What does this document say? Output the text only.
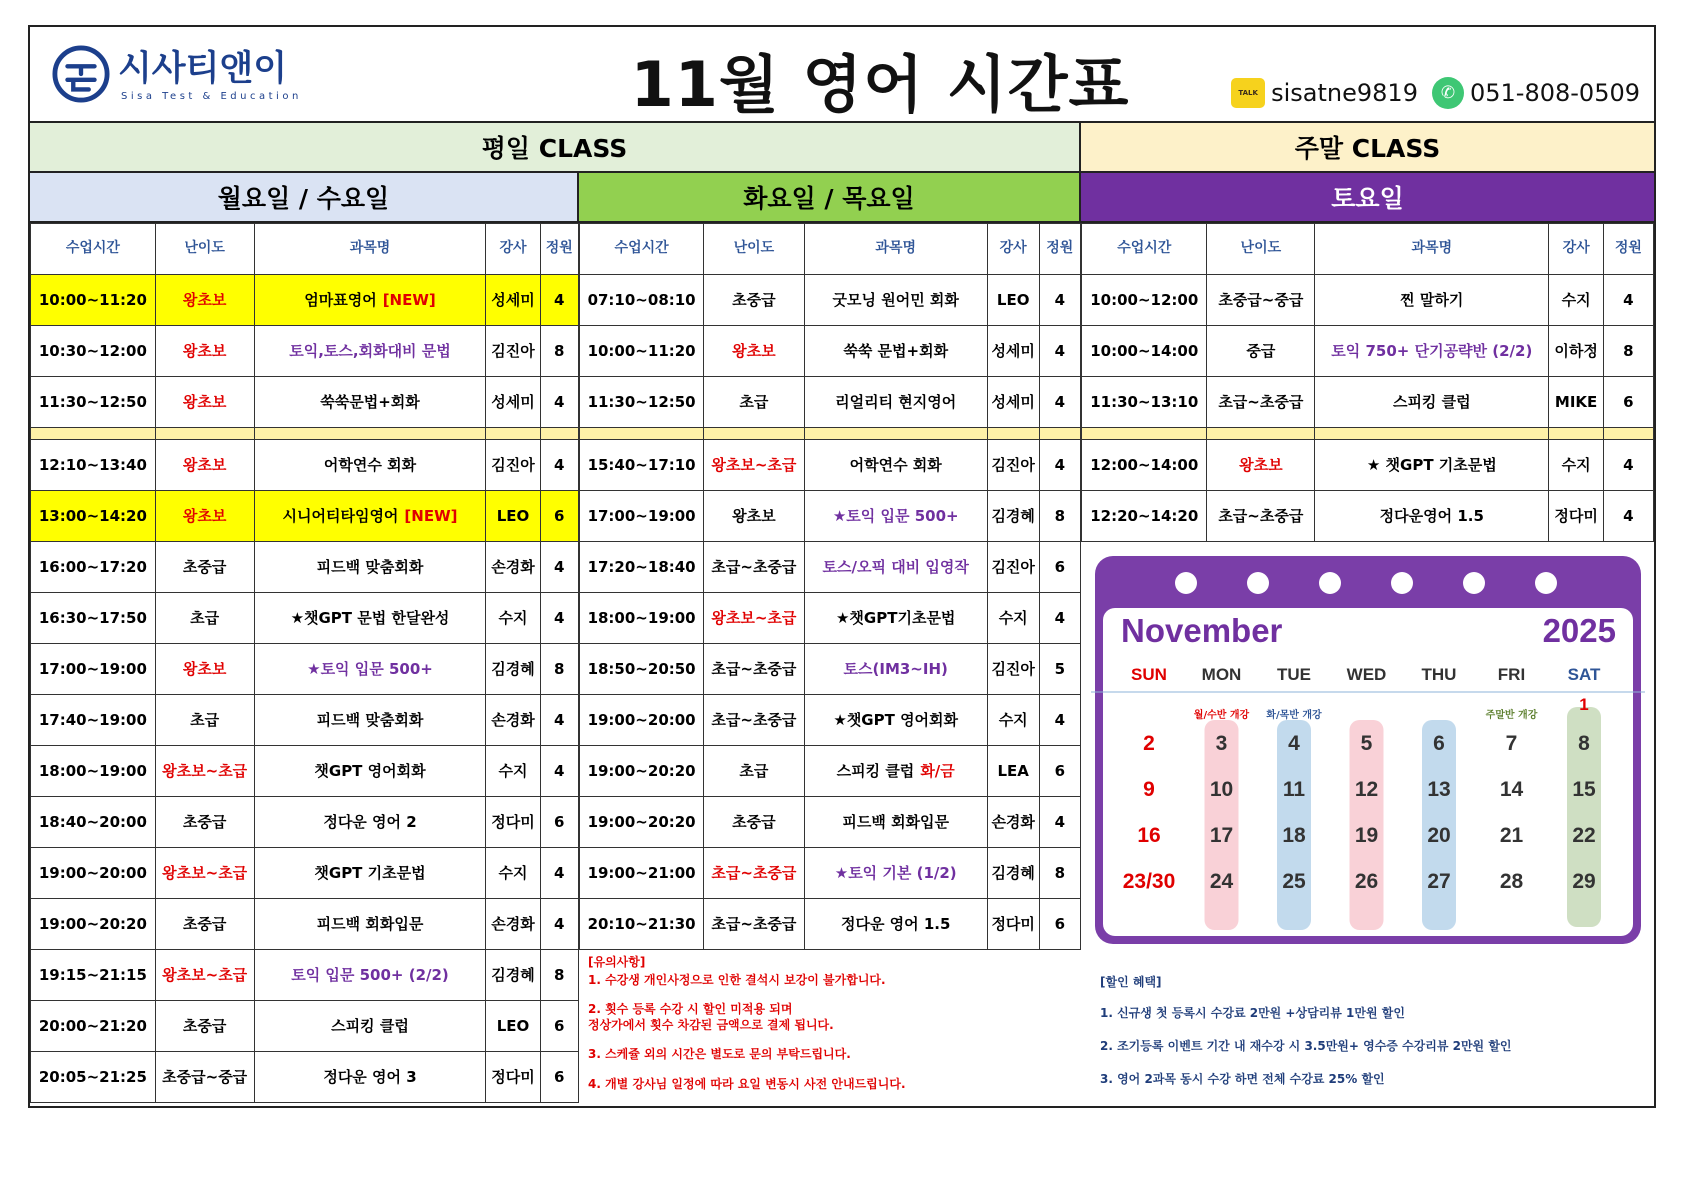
시사티앤이
Sisa Test & Education	11월 영어 시간표	TALK sisatne9819	✆ 051-808-0509
평일 CLASS	주말 CLASS
월요일 / 수요일	화요일 / 목요일	토요일
수업시간	난이도	과목명	강사	정원
10:00~11:20	왕초보	엄마표영어 [NEW]	성세미	4
10:30~12:00	왕초보	토익,토스,회화대비 문법	김진아	8
11:30~12:50	왕초보	쑥쑥문법+회화	성세미	4

12:10~13:40	왕초보	어학연수 회화	김진아	4
13:00~14:20	왕초보	시니어티타임영어 [NEW]	LEO	6
16:00~17:20	초중급	피드백 맞춤회화	손경화	4
16:30~17:50	초급	★챗GPT 문법 한달완성	수지	4
17:00~19:00	왕초보	★토익 입문 500+	김경혜	8
17:40~19:00	초급	피드백 맞춤회화	손경화	4
18:00~19:00	왕초보~초급	챗GPT 영어회화	수지	4
18:40~20:00	초중급	정다운 영어 2	정다미	6
19:00~20:00	왕초보~초급	챗GPT 기초문법	수지	4
19:00~20:20	초중급	피드백 회화입문	손경화	4
19:15~21:15	왕초보~초급	토익 입문 500+ (2/2)	김경혜	8
20:00~21:20	초중급	스피킹 클럽	LEO	6
20:05~21:25	초중급~중급	정다운 영어 3	정다미	6
수업시간	난이도	과목명	강사	정원
07:10~08:10	초중급	굿모닝 원어민 회화	LEO	4
10:00~11:20	왕초보	쑥쑥 문법+회화	성세미	4
11:30~12:50	초급	리얼리티 현지영어	성세미	4

15:40~17:10	왕초보~초급	어학연수 회화	김진아	4
17:00~19:00	왕초보	★토익 입문 500+	김경혜	8
17:20~18:40	초급~초중급	토스/오픽 대비 입영작	김진아	6
18:00~19:00	왕초보~초급	★챗GPT기초문법	수지	4
18:50~20:50	초급~초중급	토스(IM3~IH)	김진아	5
19:00~20:00	초급~초중급	★챗GPT 영어회화	수지	4
19:00~20:20	초급	스피킹 클럽 화/금	LEA	6
19:00~20:20	초중급	피드백 회화입문	손경화	4
19:00~21:00	초급~초중급	★토익 기본 (1/2)	김경혜	8
20:10~21:30	초급~초중급	정다운 영어 1.5	정다미	6
수업시간	난이도	과목명	강사	정원
10:00~12:00	초중급~중급	찐 말하기	수지	4
10:00~14:00	중급	토익 750+ 단기공략반 (2/2)	이하정	8
11:30~13:10	초급~초중급	스피킹 클럽	MIKE	6

12:00~14:00	왕초보	★ 챗GPT 기초문법	수지	4
12:20~14:20	초급~초중급	정다운영어 1.5	정다미	4
November	2025
SUN MON TUE WED THU FRI SAT
월/수반 개강 화/목반 개강	주말반 개강
1
2	3	4	5	6	7	8
9	10 11 12 13 14 15
16 17 18 19 20 21 22
23/30 24 25 26 27 28 29
[유의사항]
1. 수강생 개인사정으로 인한 결석시 보강이 불가합니다.
2. 횟수 등록 수강 시 할인 미적용 되며
정상가에서 횟수 차감된 금액으로 결제 됩니다.
3. 스케쥴 외의 시간은 별도로 문의 부탁드립니다.
4. 개별 강사님 일정에 따라 요일 변동시 사전 안내드립니다.
[할인 혜택]
1. 신규생 첫 등록시 수강료 2만원 +상담리뷰 1만원 할인
2. 조기등록 이벤트 기간 내 재수강 시 3.5만원+ 영수증 수강리뷰 2만원 할인
3. 영어 2과목 동시 수강 하면 전체 수강료 25% 할인
